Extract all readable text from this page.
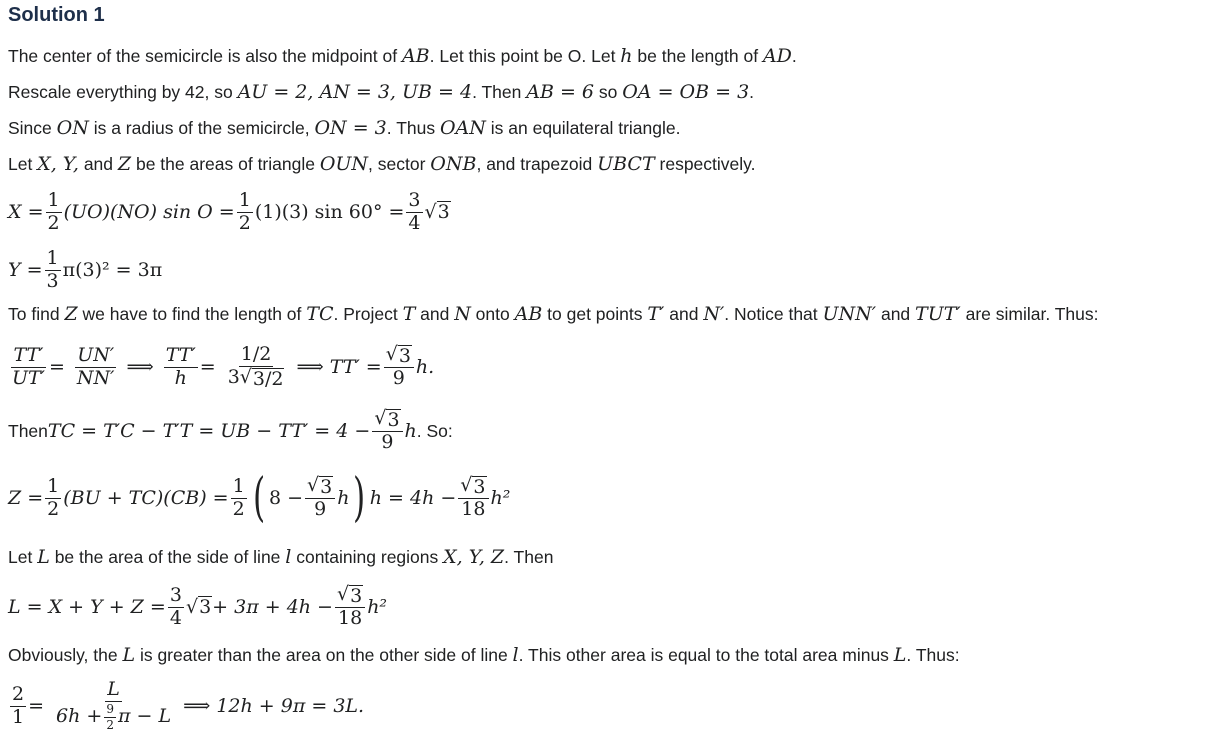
Solution 1
The center of the semicircle is also the midpoint of AB. Let this point be O. Let h be the length of AD.
Rescale everything by 42, so AU = 2, AN = 3, UB = 4. Then AB = 6 so OA = OB = 3.
Since ON is a radius of the semicircle, ON = 3. Thus OAN is an equilateral triangle.
Let X, Y, and Z be the areas of triangle OUN, sector ONB, and trapezoid UBCT respectively.
$X = \frac{1}{2} (UO)(NO)$ $\sin O = \frac{1}{2} (1)(3)$ $\sin 60^\circ = \frac{3}{4}$ √ 3
$Y = \frac{1}{3} \pi(3)^2 = 3\pi$
To find Z we have to find the length of TC. Project T and N onto AB to get points T′ and N′. Notice that UNN′ and TUT′ are similar. Thus:
$\frac{TT'}{UT'} = \frac{UN'}{NN'}$ ⟹ $\frac{TT'}{h} = \frac{1/2}{3 √ 3/2}$ ⟹ $TT' = \frac{√ 3}{9} h$.
Then TC = T′C − T′T = UB − $TT' = 4 - \frac{√ 3}{9}$ h . So:
$Z = \frac{1}{2} (BU + TC)(CB) = \frac{1}{2}$ ( $8 - \frac{√ 3}{9}$ h ) $h = 4h - \frac{√ 3}{18} h^2$
Let L be the area of the side of line l containing regions X, Y, Z. Then
$L = X + Y + Z = \frac{3}{4}$ √ $3 + 3\pi + 4h - \frac{√ 3}{18} h^2$
Obviously, the L is greater than the area on the other side of line l. This other area is equal to the total area minus L. Thus:
$\frac{2}{1} = \frac{L}{6h + \frac{9}{2} \pi - L}$ ⟹ 12h + 9π = 3L.
